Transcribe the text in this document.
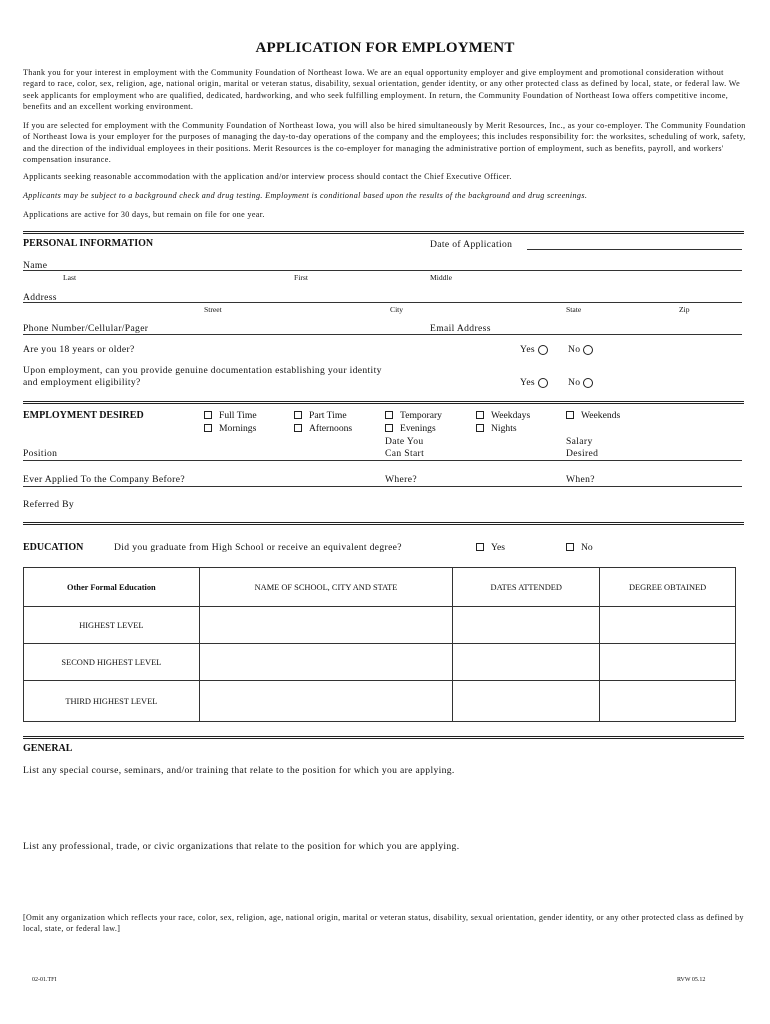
APPLICATION FOR EMPLOYMENT
Thank you for your interest in employment with the Community Foundation of Northeast Iowa. We are an equal opportunity employer and give employment and promotional consideration without regard to race, color, sex, religion, age, national origin, marital or veteran status, disability, sexual orientation, gender identity, or any other protected class as defined by local, state, or federal law. We seek applicants for employment who are qualified, dedicated, hardworking, and who seek fulfilling employment. In return, the Community Foundation of Northeast Iowa offers competitive income, benefits and an excellent working environment.
If you are selected for employment with the Community Foundation of Northeast Iowa, you will also be hired simultaneously by Merit Resources, Inc., as your co-employer. The Community Foundation of Northeast Iowa is your employer for the purposes of managing the day-to-day operations of the company and the employees; this includes responsibility for: the worksites, scheduling of work, safety, and the direction of the individual employees in their positions. Merit Resources is the co-employer for managing the administrative portion of employment, such as benefits, payroll, and workers' compensation insurance.
Applicants seeking reasonable accommodation with the application and/or interview process should contact the Chief Executive Officer.
Applicants may be subject to a background check and drug testing. Employment is conditional based upon the results of the background and drug screenings.
Applications are active for 30 days, but remain on file for one year.
PERSONAL INFORMATION	Date of Application
Name
Last	First	Middle
Address
Street	City	State	Zip
Phone Number/Cellular/Pager	Email Address
Are you 18 years or older?	Yes	No
Upon employment, can you provide genuine documentation establishing your identity
and employment eligibility?	Yes	No
EMPLOYMENT DESIRED	Full Time	Part Time	Temporary	Weekdays	Weekends
Mornings	Afternoons	Evenings	Nights
Date You	Salary
Position	Can Start	Desired
Ever Applied To the Company Before?	Where?	When?
Referred By
EDUCATION	Did you graduate from High School or receive an equivalent degree?	Yes	No
Other Formal Education	NAME OF SCHOOL, CITY AND STATE	DATES ATTENDED	DEGREE OBTAINED
HIGHEST LEVEL			
SECOND HIGHEST LEVEL			
THIRD HIGHEST LEVEL			
GENERAL
List any special course, seminars, and/or training that relate to the position for which you are applying.
List any professional, trade, or civic organizations that relate to the position for which you are applying.
[Omit any organization which reflects your race, color, sex, religion, age, national origin, marital or veteran status, disability, sexual orientation, gender identity, or any other protected class as defined by local, state, or federal law.]
02-01.TFI	RVW 05.12
